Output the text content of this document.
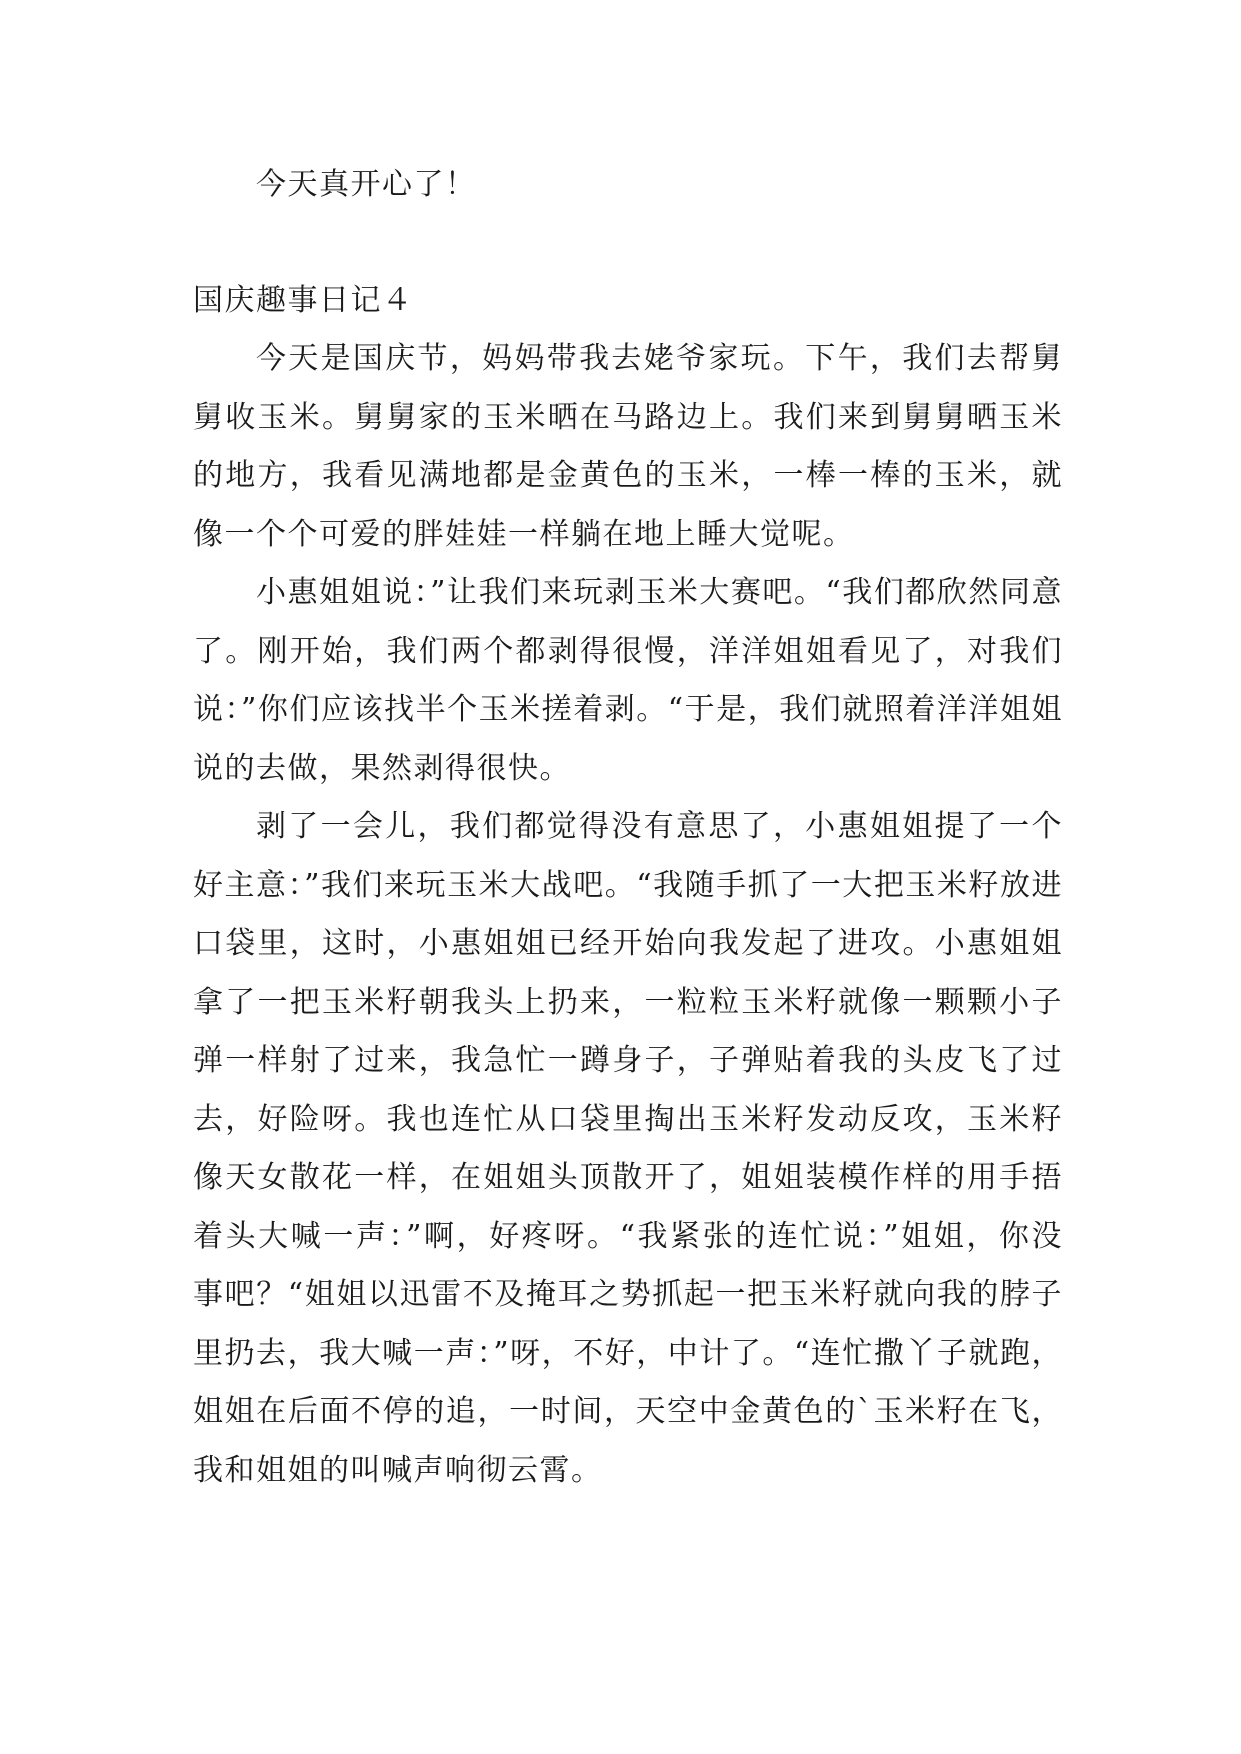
今天真开心了！

国庆趣事日记４

今天是国庆节，妈妈带我去姥爷家玩。下午，我们去帮舅舅收玉米。舅舅家的玉米晒在马路边上。我们来到舅舅晒玉米的地方，我看见满地都是金黄色的玉米，一棒一棒的玉米，就像一个个可爱的胖娃娃一样躺在地上睡大觉呢。

小惠姐姐说：”让我们来玩剥玉米大赛吧。“我们都欣然同意了。刚开始，我们两个都剥得很慢，洋洋姐姐看见了，对我们说：”你们应该找半个玉米搓着剥。“于是，我们就照着洋洋姐姐说的去做，果然剥得很快。

剥了一会儿，我们都觉得没有意思了，小惠姐姐提了一个好主意：”我们来玩玉米大战吧。“我随手抓了一大把玉米籽放进口袋里，这时，小惠姐姐已经开始向我发起了进攻。小惠姐姐拿了一把玉米籽朝我头上扔来，一粒粒玉米籽就像一颗颗小子弹一样射了过来，我急忙一蹲身子，子弹贴着我的头皮飞了过去，好险呀。我也连忙从口袋里掏出玉米籽发动反攻，玉米籽像天女散花一样，在姐姐头顶散开了，姐姐装模作样的用手捂着头大喊一声：”啊，好疼呀。“我紧张的连忙说：”姐姐，你没事吧？“姐姐以迅雷不及掩耳之势抓起一把玉米籽就向我的脖子里扔去，我大喊一声：”呀，不好，中计了。“连忙撒丫子就跑，姐姐在后面不停的追，一时间，天空中金黄色的`玉米籽在飞，我和姐姐的叫喊声响彻云霄。
